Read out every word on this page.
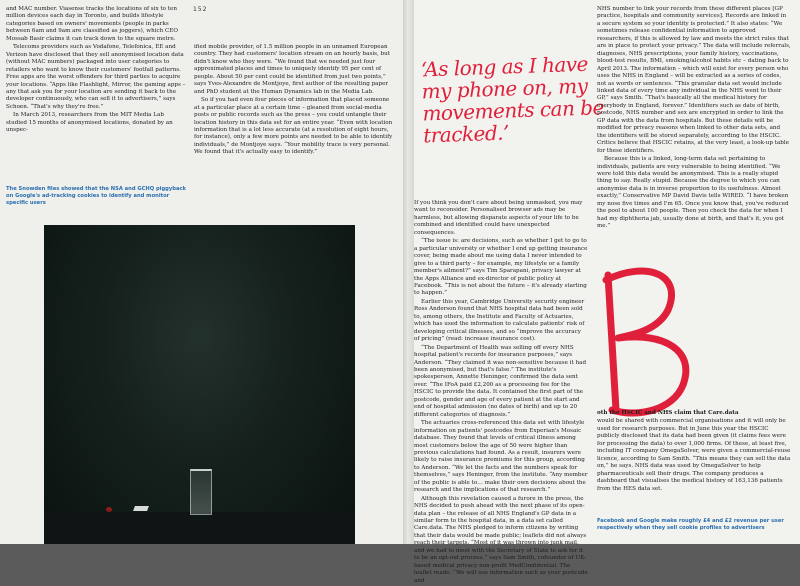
152

and MAC number. Viasense tracks the locations of six to ten million devices each day in Toronto, and builds lifestyle categories based on owners' movements (people in parks between 6am and 9am are classified as joggers), which CEO Mossab Basir claims it can track down to the square metre.

Telecoms providers such as Vodafone, Telefonica, EE and Verizon have disclosed that they sell anonymised location data (without MAC numbers) packaged into user categories to retailers who want to know their customers' footfall patterns. Free apps are the worst offenders for third parties to acquire your locations. “Apps like Flashlight, Mirror, the gaming apps – any that ask you for your location are sending it back to the developer continuously, who can sell it to advertisers,” says Schoen. “That's why they're free.”

In March 2013, researchers from the MIT Media Lab studied 15 months of anonymised locations, donated by an unspec-

ified mobile provider, of 1.5 million people in an unnamed European country. They had customers' location stream on an hourly basis, but didn't know who they were. “We found that we needed just four approximated places and times to uniquely identify 95 per cent of people. About 50 per cent could be identified from just two points,” says Yves-Alexandre de Montjoye, first author of the resulting paper and PhD student at the Human Dynamics lab in the Media Lab.

So if you had even four pieces of information that placed someone at a particular place at a certain time – gleaned from social-media posts or public records such as the press – you could untangle their location history in this data set for an entire year. “Even with location information that is a lot less accurate (at a resolution of eight hours, for instance), only a few more points are needed to be able to identify individuals,” de Montjoye says. “Your mobility trace is very personal. We found that it's actually easy to identify.”

The Snowden files showed that the NSA and GCHQ piggyback on Google's ad-tracking cookies to identify and monitor specific users
‘As long as I have my phone on, my movements can be tracked.’

If you think you don't care about being unmasked, you may want to reconsider. Personalised browser ads may be harmless, but allowing disparate aspects of your life to be combined and identified could have unexpected consequences.

“The issue is: are decisions, such as whether I get to go to a particular university or whether I end up getting insurance cover, being made about me using data I never intended to give to a third party – for example, my lifestyle or a family member's ailment?” says Tim Sparapani, privacy lawyer at the Apps Alliance and ex-director of public policy at Facebook. “This is not about the future – it's already starting to happen.”

Earlier this year, Cambridge University security engineer Ross Anderson found that NHS hospital data had been sold to, among others, the Institute and Faculty of Actuaries, which has used the information to calculate patients' risk of developing critical illnesses, and so “improve the accuracy of pricing” (read: increase insurance cost).

“The Department of Health was selling off every NHS hospital patient's records for insurance purposes,” says Anderson. “They claimed it was non-sensitive because it had been anonymised, but that's false.” The institute's spokesperson, Annette Heninger, confirmed the data sent over. “The IFoA paid £2,200 as a processing fee for the HSCIC to provide the data. It contained the first part of the postcode, gender and age of every patient at the start and end of hospital admission (no dates of birth) and up to 20 different categories of diagnosis.”

The actuaries cross-referenced this data set with lifestyle information on patients' postcodes from Experian's Mosaic database. They found that levels of critical illness among most customers below the age of 50 were higher than previous calculations had found. As a result, insurers were likely to raise insurance premiums for this group, according to Anderson. “We let the facts and the numbers speak for themselves,” says Heninger, from the institute. “Any member of the public is able to… make their own decisions about the research and the implications of that research.”

Although this revelation caused a furore in the press, the NHS decided to push ahead with the next phase of its open-data plan – the release of all NHS England's GP data in a similar form to the hospital data, in a data set called Care.data. The NHS pledged to inform citizens by writing that their data would be made public; leaflets did not always reach their targets. “Most of it was thrown into junk mail, and we had to meet with the Secretary of State to ask for it to be an opt-out process,” says Sam Smith, cofounder of UK-based medical privacy non-profit MedConfidential. The leaflet reads: “We will use information such as your postcode and

NHS number to link your records from these different places [GP practice, hospitals and community services]. Records are linked in a secure system so your identity is protected.” It also states: “We sometimes release confidential information to approved researchers, if this is allowed by law and meets the strict rules that are in place to protect your privacy.” The data will include referrals, diagnoses, NHS prescriptions, your family history, vaccinations, blood-test results, BMI, smoking/alcohol habits etc – dating back to April 2013. The information – which will exist for every person who uses the NHS in England – will be extracted as a series of codes, not as words or sentences. “This granular data set would include linked data of every time any individual in the NHS went to their GP,” says Smith. “That's basically all the medical history for everybody in England, forever.” Identifiers such as date of birth, postcode, NHS number and sex are encrypted in order to link the GP data with the data from hospitals. But these details will be modified for privacy reasons when linked to other data sets, and the identifiers will be stored separately, according to the HSCIC. Critics believe that HSCIC retains, at the very least, a look-up table for these identifiers.

Because this is a linked, long-term data set pertaining to individuals, patients are very vulnerable to being identified. “We were told this data would be anonymised. This is a really stupid thing to say. Really stupid. Because the degree to which you can anonymise data is in inverse proportion to its usefulness. Almost exactly,” Conservative MP David Davis tells WIRED. “I have broken my nose five times and I'm 65. Once you know that, you've reduced the pool to about 100 people. Then you check the data for when I had my diphtheria jab, usually done at birth, and that's it, you got me.”

oth the HSCIC and NHS claim that Care.data

would be shared with commercial organisations and it will only be used for research purposes. But in June this year the HSCIC publicly disclosed that its data had been given (it claims fees were for processing the data) to over 1,000 firms. Of these, at least five, including IT company OmegaSolver, were given a commercial-reuse licence, according to Sam Smith. “This means they can sell the data on,” he says. NHS data was used by OmegaSolver to help pharmaceuticals sell their drugs. The company produces a dashboard that visualises the medical history of 163,136 patients from the HES data set.

Facebook and Google make roughly £4 and £2 revenue per user respectively when they sell cookie profiles to advertisers
